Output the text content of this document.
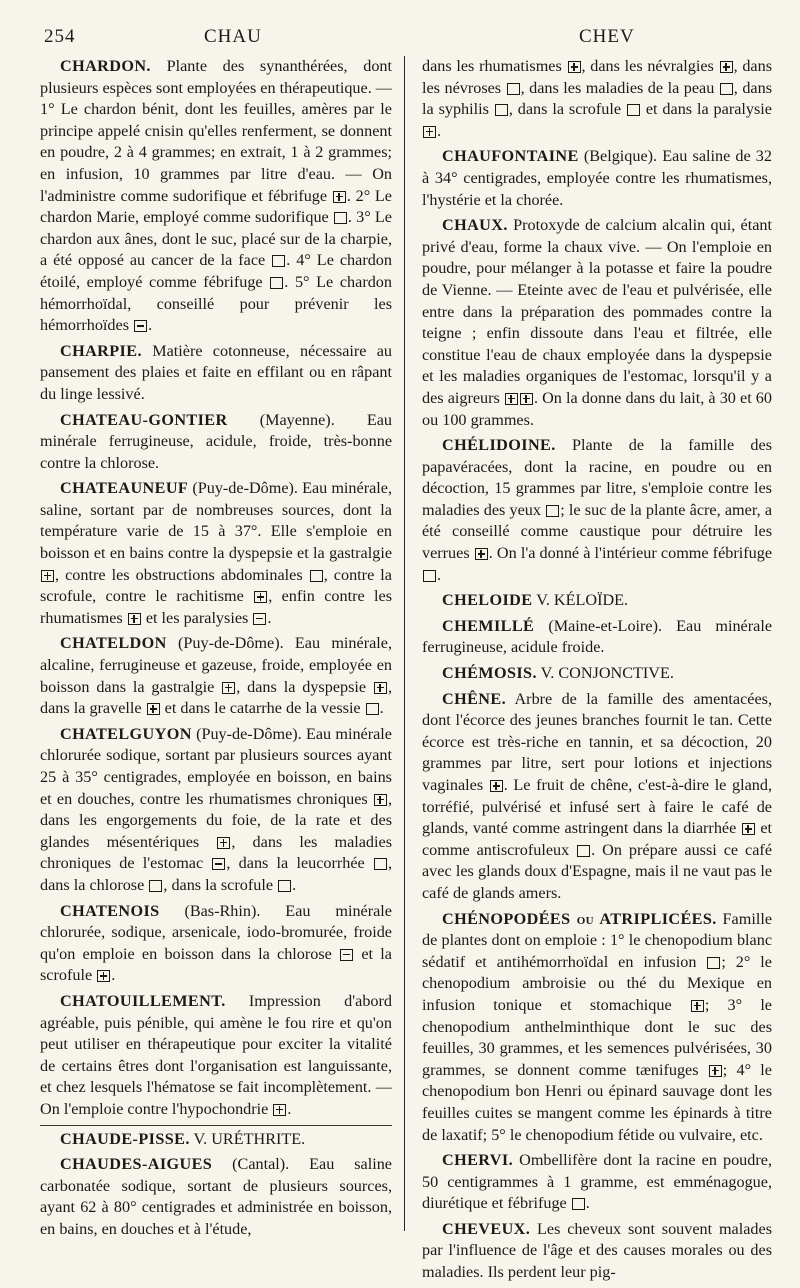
254	CHAU	CHEV

CHARDON. Plante des synanthérées, dont plusieurs espèces sont employées en thérapeutique. — 1° Le chardon bénit, dont les feuilles, amères par le principe appelé cnisin qu'elles renferment, se donnent en poudre, 2 à 4 grammes; en extrait, 1 à 2 grammes; en infusion, 10 grammes par litre d'eau. — On l'administre comme sudorifique et fébrifuge . 2° Le chardon Marie, employé comme sudorifique . 3° Le chardon aux ânes, dont le suc, placé sur de la charpie, a été opposé au cancer de la face . 4° Le chardon étoilé, employé comme fébrifuge . 5° Le chardon hémorrhoïdal, conseillé pour prévenir les hémorrhoïdes .

CHARPIE. Matière cotonneuse, nécessaire au pansement des plaies et faite en effilant ou en râpant du linge lessivé.

CHATEAU-GONTIER (Mayenne). Eau minérale ferrugineuse, acidule, froide, très-bonne contre la chlorose.

CHATEAUNEUF (Puy-de-Dôme). Eau minérale, saline, sortant par de nombreuses sources, dont la température varie de 15 à 37°. Elle s'emploie en boisson et en bains contre la dyspepsie et la gastralgie , contre les obstructions abdominales , contre la scrofule, contre le rachitisme , enfin contre les rhumatismes  et les paralysies .

CHATELDON (Puy-de-Dôme). Eau minérale, alcaline, ferrugineuse et gazeuse, froide, employée en boisson dans la gastralgie , dans la dyspepsie , dans la gravelle  et dans le catarrhe de la vessie .

CHATELGUYON (Puy-de-Dôme). Eau minérale chlorurée sodique, sortant par plusieurs sources ayant 25 à 35° centigrades, employée en boisson, en bains et en douches, contre les rhumatismes chroniques , dans les engorgements du foie, de la rate et des glandes mésentériques , dans les maladies chroniques de l'estomac , dans la leucorrhée , dans la chlorose , dans la scrofule .

CHATENOIS (Bas-Rhin). Eau minérale chlorurée, sodique, arsenicale, iodo-bromurée, froide qu'on emploie en boisson dans la chlorose  et la scrofule .

CHATOUILLEMENT. Impression d'abord agréable, puis pénible, qui amène le fou rire et qu'on peut utiliser en thérapeutique pour exciter la vitalité de certains êtres dont l'organisation est languissante, et chez lesquels l'hématose se fait incomplètement. — On l'emploie contre l'hypochondrie .

CHAUDE-PISSE. V. URÉTHRITE.

CHAUDES-AIGUES (Cantal). Eau saline carbonatée sodique, sortant de plusieurs sources, ayant 62 à 80° centigrades et administrée en boisson, en bains, en douches et à l'étude,

dans les rhumatismes , dans les névralgies , dans les névroses , dans les maladies de la peau , dans la syphilis , dans la scrofule  et dans la paralysie .

CHAUFONTAINE (Belgique). Eau saline de 32 à 34° centigrades, employée contre les rhumatismes, l'hystérie et la chorée.

CHAUX. Protoxyde de calcium alcalin qui, étant privé d'eau, forme la chaux vive. — On l'emploie en poudre, pour mélanger à la potasse et faire la poudre de Vienne. — Eteinte avec de l'eau et pulvérisée, elle entre dans la préparation des pommades contre la teigne ; enfin dissoute dans l'eau et filtrée, elle constitue l'eau de chaux employée dans la dyspepsie et les maladies organiques de l'estomac, lorsqu'il y a des aigreurs . On la donne dans du lait, à 30 et 60 ou 100 grammes.

CHÉLIDOINE. Plante de la famille des papavéracées, dont la racine, en poudre ou en décoction, 15 grammes par litre, s'emploie contre les maladies des yeux ; le suc de la plante âcre, amer, a été conseillé comme caustique pour détruire les verrues . On l'a donné à l'intérieur comme fébrifuge .

CHELOIDE V. KÉLOÏDE.

CHEMILLÉ (Maine-et-Loire). Eau minérale ferrugineuse, acidule froide.

CHÉMOSIS. V. CONJONCTIVE.

CHÊNE. Arbre de la famille des amentacées, dont l'écorce des jeunes branches fournit le tan. Cette écorce est très-riche en tannin, et sa décoction, 20 grammes par litre, sert pour lotions et injections vaginales . Le fruit de chêne, c'est-à-dire le gland, torréfié, pulvérisé et infusé sert à faire le café de glands, vanté comme astringent dans la diarrhée  et comme antiscrofuleux . On prépare aussi ce café avec les glands doux d'Espagne, mais il ne vaut pas le café de glands amers.

CHÉNOPODÉES ou ATRIPLICÉES. Famille de plantes dont on emploie : 1° le chenopodium blanc sédatif et antihémorrhoïdal en infusion ; 2° le chenopodium ambroisie ou thé du Mexique en infusion tonique et stomachique ; 3° le chenopodium anthelminthique dont le suc des feuilles, 30 grammes, et les semences pulvérisées, 30 grammes, se donnent comme tænifuges ; 4° le chenopodium bon Henri ou épinard sauvage dont les feuilles cuites se mangent comme les épinards à titre de laxatif; 5° le chenopodium fétide ou vulvaire, etc.

CHERVI. Ombellifère dont la racine en poudre, 50 centigrammes à 1 gramme, est emménagogue, diurétique et fébrifuge .

CHEVEUX. Les cheveux sont souvent malades par l'influence de l'âge et des causes morales ou des maladies. Ils perdent leur pig-
